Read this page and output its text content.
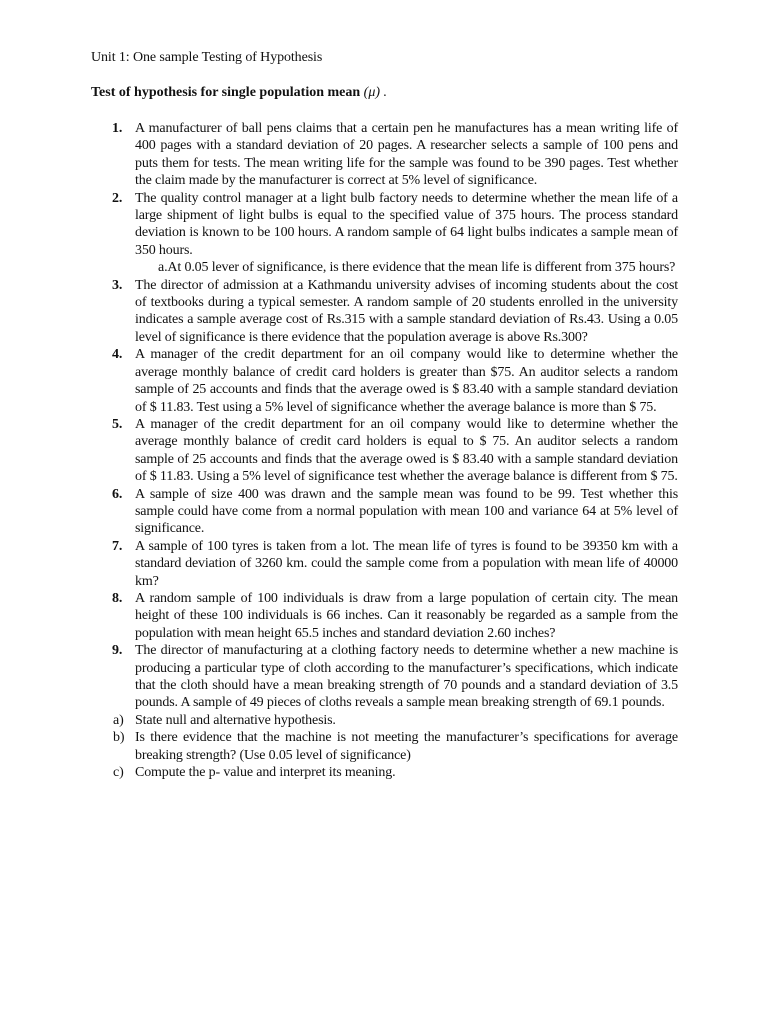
Unit 1: One sample Testing of Hypothesis
Test of hypothesis for single population mean (μ) .
1. A manufacturer of ball pens claims that a certain pen he manufactures has a mean writing life of 400 pages with a standard deviation of 20 pages. A researcher selects a sample of 100 pens and puts them for tests. The mean writing life for the sample was found to be 390 pages. Test whether the claim made by the manufacturer is correct at 5% level of significance.
2. The quality control manager at a light bulb factory needs to determine whether the mean life of a large shipment of light bulbs is equal to the specified value of 375 hours. The process standard deviation is known to be 100 hours. A random sample of 64 light bulbs indicates a sample mean of 350 hours.
a.At 0.05 lever of significance, is there evidence that the mean life is different from 375 hours?
3. The director of admission at a Kathmandu university advises of incoming students about the cost of textbooks during a typical semester. A random sample of 20 students enrolled in the university indicates a sample average cost of Rs.315 with a sample standard deviation of Rs.43. Using a 0.05 level of significance is there evidence that the population average is above Rs.300?
4. A manager of the credit department for an oil company would like to determine whether the average monthly balance of credit card holders is greater than $75. An auditor selects a random sample of 25 accounts and finds that the average owed is $ 83.40 with a sample standard deviation of $ 11.83. Test using a 5% level of significance whether the average balance is more than $ 75.
5. A manager of the credit department for an oil company would like to determine whether the average monthly balance of credit card holders is equal to $ 75. An auditor selects a random sample of 25 accounts and finds that the average owed is $ 83.40 with a sample standard deviation of $ 11.83. Using a 5% level of significance test whether the average balance is different from $ 75.
6. A sample of size 400 was drawn and the sample mean was found to be 99. Test whether this sample could have come from a normal population with mean 100 and variance 64 at 5% level of significance.
7. A sample of 100 tyres is taken from a lot. The mean life of tyres is found to be 39350 km with a standard deviation of 3260 km. could the sample come from a population with mean life of 40000 km?
8. A random sample of 100 individuals is draw from a large population of certain city. The mean height of these 100 individuals is 66 inches. Can it reasonably be regarded as a sample from the population with mean height 65.5 inches and standard deviation 2.60 inches?
9. The director of manufacturing at a clothing factory needs to determine whether a new machine is producing a particular type of cloth according to the manufacturer’s specifications, which indicate that the cloth should have a mean breaking strength of 70 pounds and a standard deviation of 3.5 pounds. A sample of 49 pieces of cloths reveals a sample mean breaking strength of 69.1 pounds.
a) State null and alternative hypothesis.
b) Is there evidence that the machine is not meeting the manufacturer’s specifications for average breaking strength? (Use 0.05 level of significance)
c) Compute the p- value and interpret its meaning.
